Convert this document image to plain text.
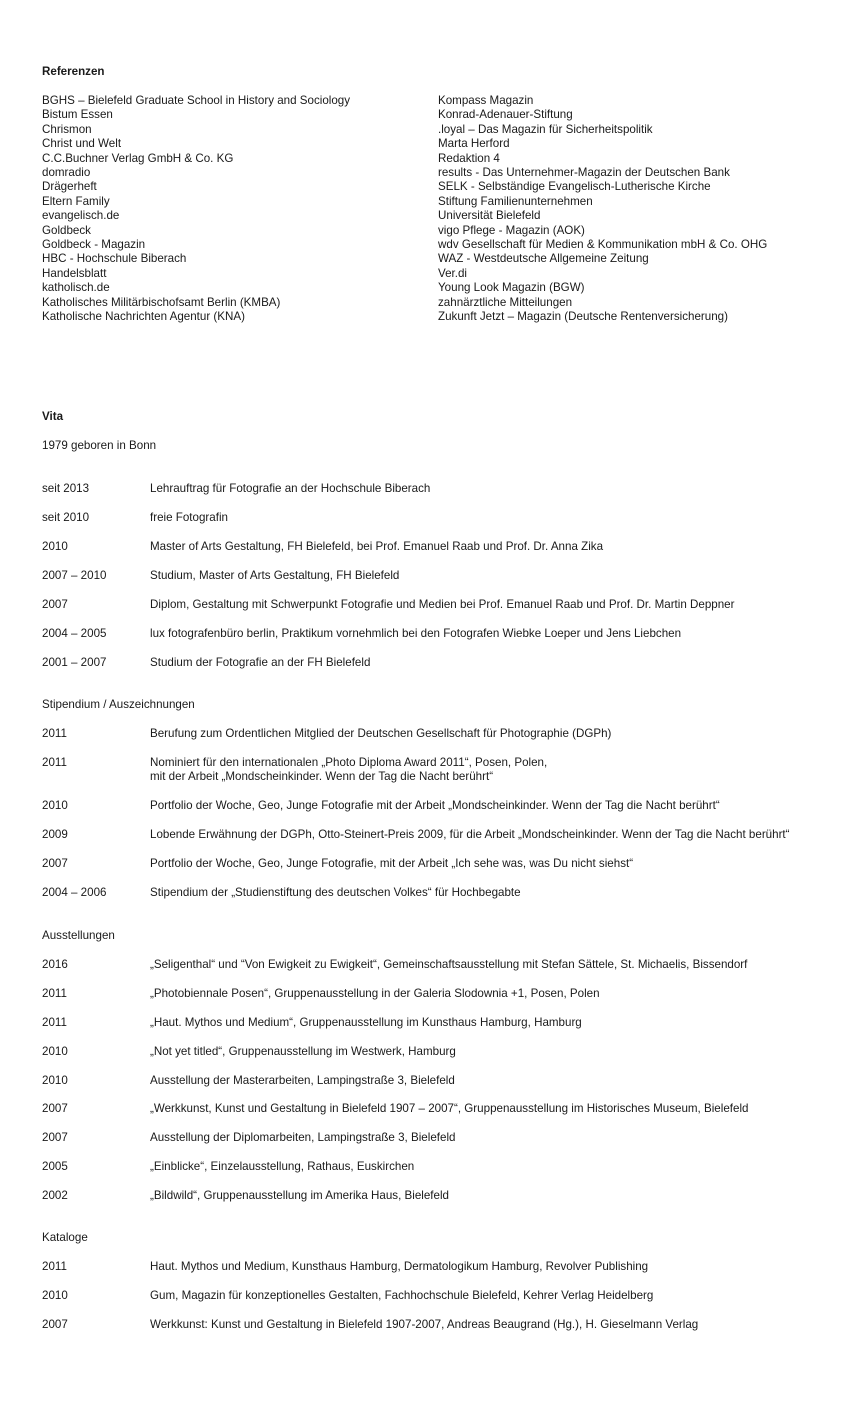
Referenzen
BGHS – Bielefeld Graduate School in History and Sociology
Bistum Essen
Chrismon
Christ und Welt
C.C.Buchner Verlag GmbH & Co. KG
domradio
Drägerheft
Eltern Family
evangelisch.de
Goldbeck
Goldbeck - Magazin
HBC - Hochschule Biberach
Handelsblatt
katholisch.de
Katholisches Militärbischofsamt Berlin (KMBA)
Katholische Nachrichten Agentur (KNA)
Kompass Magazin
Konrad-Adenauer-Stiftung
.loyal – Das Magazin für Sicherheitspolitik
Marta Herford
Redaktion 4
results - Das Unternehmer-Magazin der Deutschen Bank
SELK - Selbständige Evangelisch-Lutherische Kirche
Stiftung Familienunternehmen
Universität Bielefeld
vigo Pflege - Magazin (AOK)
wdv Gesellschaft für Medien & Kommunikation mbH & Co. OHG
WAZ - Westdeutsche Allgemeine Zeitung
Ver.di
Young Look Magazin (BGW)
zahnärztliche Mitteilungen
Zukunft Jetzt – Magazin (Deutsche Rentenversicherung)
Vita
1979 geboren in Bonn
seit 2013	Lehrauftrag für Fotografie an der Hochschule Biberach
seit 2010	freie Fotografin
2010	Master of Arts Gestaltung, FH Bielefeld, bei Prof. Emanuel Raab und Prof. Dr. Anna Zika
2007 – 2010	Studium, Master of Arts Gestaltung, FH Bielefeld
2007	Diplom, Gestaltung mit Schwerpunkt Fotografie und Medien bei Prof. Emanuel Raab und Prof. Dr. Martin Deppner
2004 – 2005	lux fotografenbüro berlin, Praktikum vornehmlich bei den Fotografen Wiebke Loeper und Jens Liebchen
2001 – 2007	Studium der Fotografie an der FH Bielefeld
Stipendium / Auszeichnungen
2011	Berufung zum Ordentlichen Mitglied der Deutschen Gesellschaft für Photographie (DGPh)
2011	Nominiert für den internationalen „Photo Diploma Award 2011“, Posen, Polen,
mit der Arbeit „Mondscheinkinder. Wenn der Tag die Nacht berührt“
2010	Portfolio der Woche, Geo, Junge Fotografie mit der Arbeit „Mondscheinkinder. Wenn der Tag die Nacht berührt“
2009	Lobende Erwähnung der DGPh, Otto-Steinert-Preis 2009, für die Arbeit „Mondscheinkinder. Wenn der Tag die Nacht berührt“
2007	Portfolio der Woche, Geo, Junge Fotografie, mit der Arbeit „Ich sehe was, was Du nicht siehst“
2004 – 2006	Stipendium der „Studienstiftung des deutschen Volkes“ für Hochbegabte
Ausstellungen
2016	„Seligenthal“ und “Von Ewigkeit zu Ewigkeit“, Gemeinschaftsausstellung mit Stefan Sättele, St. Michaelis, Bissendorf
2011	„Photobiennale Posen“, Gruppenausstellung in der Galeria Slodownia +1, Posen, Polen
2011	„Haut. Mythos und Medium“, Gruppenausstellung im Kunsthaus Hamburg, Hamburg
2010	„Not yet titled“, Gruppenausstellung im Westwerk, Hamburg
2010	Ausstellung der Masterarbeiten, Lampingstraße 3, Bielefeld
2007	„Werkkunst, Kunst und Gestaltung in Bielefeld 1907 – 2007“, Gruppenausstellung im Historisches Museum, Bielefeld
2007	Ausstellung der Diplomarbeiten, Lampingstraße 3, Bielefeld
2005	„Einblicke“, Einzelausstellung, Rathaus, Euskirchen
2002	„Bildwild“, Gruppenausstellung im Amerika Haus, Bielefeld
Kataloge
2011	Haut. Mythos und Medium, Kunsthaus Hamburg, Dermatologikum Hamburg, Revolver Publishing
2010	Gum, Magazin für konzeptionelles Gestalten, Fachhochschule Bielefeld, Kehrer Verlag Heidelberg
2007	Werkkunst: Kunst und Gestaltung in Bielefeld 1907-2007, Andreas Beaugrand (Hg.), H. Gieselmann Verlag
